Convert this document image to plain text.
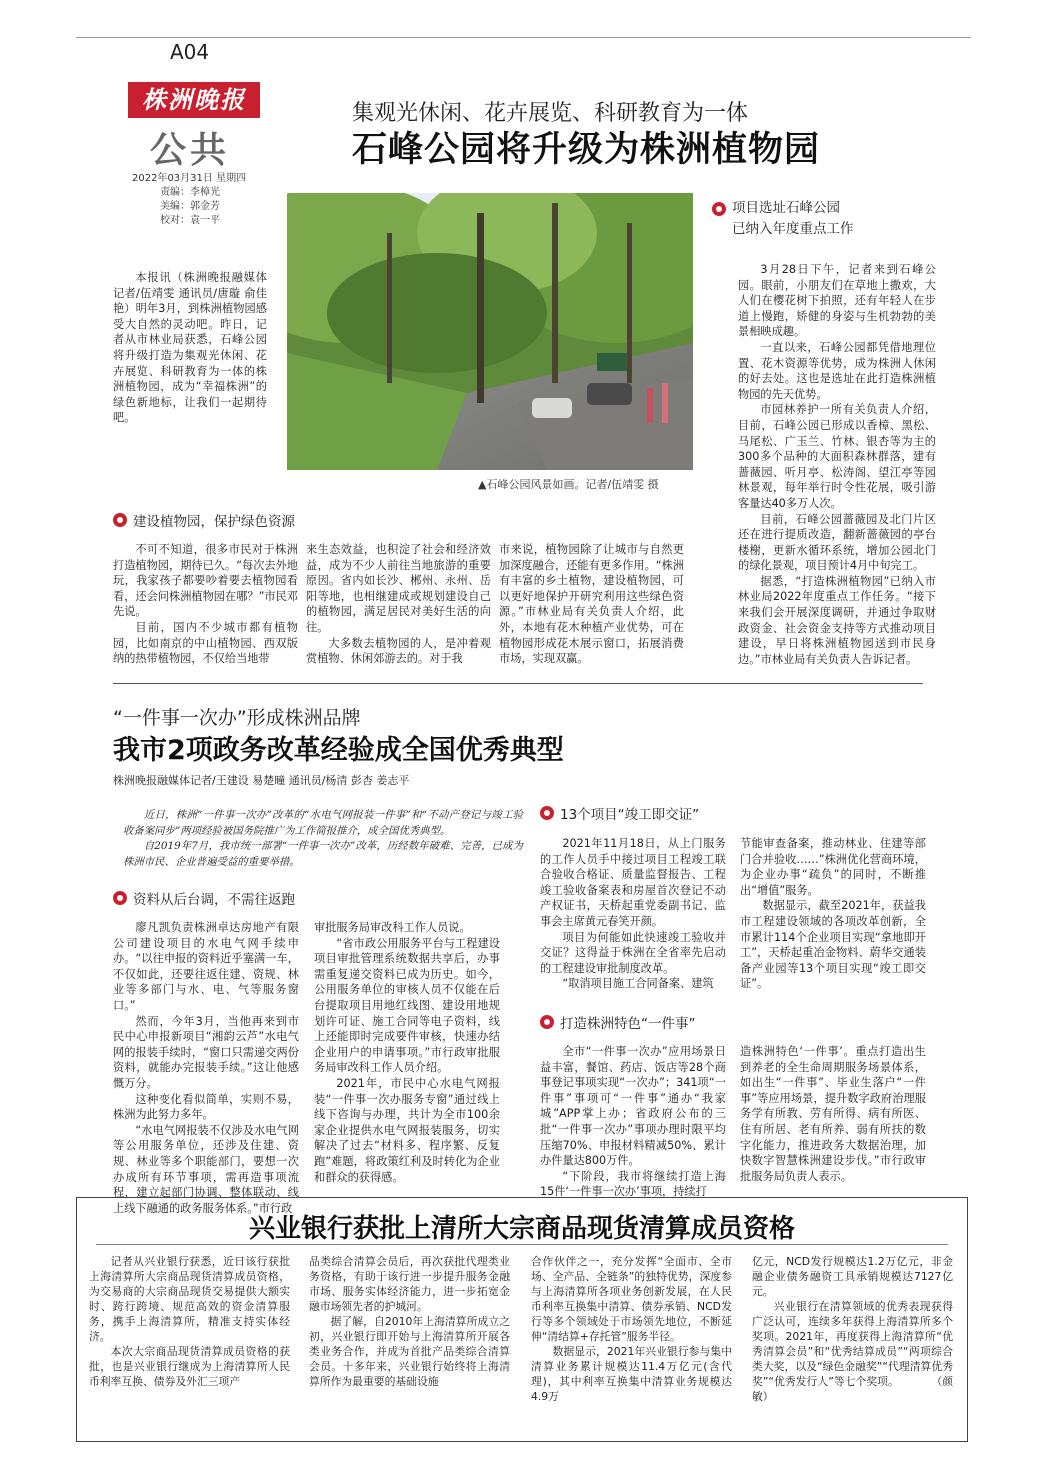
A04
株洲晚报
公共
2022年03月31日 星期四
责编：李樟光
美编：郭金芳
校对：袁一平
集观光休闲、花卉展览、科研教育为一体
石峰公园将升级为株洲植物园

本报讯（株洲晚报融媒体记者/伍靖雯 通讯员/唐璇 俞佳艳）明年3月，到株洲植物园感受大自然的灵动吧。昨日，记者从市林业局获悉，石峰公园将升级打造为集观光休闲、花卉展览、科研教育为一体的株洲植物园，成为“幸福株洲”的绿色新地标，让我们一起期待吧。

▲石峰公园风景如画。记者/伍靖雯 摄
项目选址石峰公园
已纳入年度重点工作

3月28日下午，记者来到石峰公园。眼前，小朋友们在草地上撒欢，大人们在樱花树下拍照，还有年轻人在步道上慢跑，矫健的身姿与生机勃勃的美景相映成趣。

一直以来，石峰公园都凭借地理位置、花木资源等优势，成为株洲人休闲的好去处。这也是选址在此打造株洲植物园的先天优势。

市园林养护一所有关负责人介绍，目前，石峰公园已形成以香樟、黑松、马尾松、广玉兰、竹林、银杏等为主的300多个品种的大面积森林群落，建有蔷薇园、听月亭、松涛阁、望江亭等园林景观，每年举行时令性花展，吸引游客量达40多万人次。

目前，石峰公园蔷薇园及北门片区还在进行提质改造，翻新蔷薇园的亭台楼榭，更新水循环系统，增加公园北门的绿化景观，项目预计4月中旬完工。

据悉，“打造株洲植物园”已纳入市林业局2022年度重点工作任务。“接下来我们会开展深度调研，并通过争取财政资金、社会资金支持等方式推动项目建设，早日将株洲植物园送到市民身边。”市林业局有关负责人告诉记者。

建设植物园，保护绿色资源

不可不知道，很多市民对于株洲打造植物园，期待已久。“每次去外地玩，我家孩子都要吵着要去植物园看看，还会问株洲植物园在哪？”市民邓先说。

目前，国内不少城市都有植物园，比如南京的中山植物园、西双版纳的热带植物园，不仅给当地带

来生态效益，也积淀了社会和经济效益，成为不少人前往当地旅游的重要原因。省内如长沙、郴州、永州、岳阳等地，也相继建成或规划建设自己的植物园，满足居民对美好生活的向往。

大多数去植物园的人，是冲着观赏植物、休闲郊游去的。对于我

市来说，植物园除了让城市与自然更加深度融合，还能有更多作用。“株洲有丰富的乡土植物，建设植物园，可以更好地保护开研究利用这些绿色资源。”市林业局有关负责人介绍，此外，本地有花木种植产业优势，可在植物园形成花木展示窗口，拓展消费市场，实现双赢。

“一件事一次办”形成株洲品牌
我市2项政务改革经验成全国优秀典型
株洲晚报融媒体记者/王建设 易楚曈 通讯员/杨清 彭杏 姜志平

近日，株洲“一件事一次办”改革的“水电气网报装一件事”和“不动产登记与竣工验收备案同步”两项经验被国务院推广为工作简报推介，成全国优秀典型。

自2019年7月，我市统一部署“一件事一次办”改革，历经数年破难、完善，已成为株洲市民、企业普遍受益的重要举措。

资料从后台调，不需往返跑

廖凡凯负责株洲卓达房地产有限公司建设项目的水电气网手续申办。“以往申报的资料近乎塞满一车，不仅如此，还要往返住建、资规、林业等多部门与水、电、气等服务窗口。”

然而，今年3月，当他再来到市民中心申报新项目“湘韵云芦”水电气网的报装手续时，“窗口只需递交两份资料，就能办完报装手续。”这让他感慨万分。

这种变化看似简单，实则不易，株洲为此努力多年。

“水电气网报装不仅涉及水电气网等公用服务单位，还涉及住建、资规、林业等多个职能部门，要想一次办成所有环节事项，需再造事项流程，建立起部门协调、整体联动、线上线下融通的政务服务体系。”市行政

审批服务局审改科工作人员说。

“省市政公用服务平台与工程建设项目审批管理系统数据共享后，办事需重复递交资料已成为历史。如今，公用服务单位的审核人员不仅能在后台提取项目用地红线图、建设用地规划许可证、施工合同等电子资料，线上还能即时完成要件审核，快速办结企业用户的申请事项。”市行政审批服务局审改科工作人员介绍。

2021年，市民中心水电气网报装“一件事一次办服务专窗”通过线上线下咨询与办理，共计为全市100余家企业提供水电气网报装服务，切实解决了过去“材料多、程序繁、反复跑”难题，将政策红利及时转化为企业和群众的获得感。

13个项目“竣工即交证”

2021年11月18日，从上门服务的工作人员手中接过项目工程竣工联合验收合格证、质量监督报告、工程竣工验收备案表和房屋首次登记不动产权证书，天桥起重党委副书记、监事会主席黄元春笑开颜。

项目为何能如此快速竣工验收并交证？这得益于株洲在全省率先启动的工程建设审批制度改革。

“取消项目施工合同备案、建筑

节能审查备案，推动林业、住建等部门合并验收……”株洲优化营商环境，为企业办事“疏负”的同时，不断推出“增值”服务。

数据显示，截至2021年，获益我市工程建设领域的各项改革创新，全市累计114个企业项目实现“拿地即开工”，天桥起重冶金物料、蔚华交通装备产业园等13个项目实现“竣工即交证”。

打造株洲特色“一件事”

全市“一件事一次办”应用场景日益丰富，餐馆、药店、饭店等28个商事登记事项实现“一次办”；341项“一件事”事项可“一件事”通办“我家城”APP掌上办；省政府公布的三批“一件事一次办”事项办理时限平均压缩70%、申报材料精减50%、累计办件量达800万件。

“下阶段，我市将继续打造上海15件‘一件事一次办’事项，持续打

造株洲特色‘一件事’。重点打造出生到养老的全生命周期服务场景体系，如出生“一件事”、毕业生落户“一件事”等应用场景，提升数字政府治理服务学有所教、劳有所得、病有所医、住有所居、老有所养、弱有所扶的数字化能力，推进政务大数据治理，加快数字智慧株洲建设步伐。”市行政审批服务局负责人表示。

兴业银行获批上清所大宗商品现货清算成员资格

记者从兴业银行获悉，近日该行获批上海清算所大宗商品现货清算成员资格，为交易商的大宗商品现货交易提供大额实时、跨行跨境、规范高效的资金清算服务，携手上海清算所，精准支持实体经济。

本次大宗商品现货清算成员资格的获批，也是兴业银行继成为上海清算所人民币利率互换、债券及外汇三项产

品类综合清算会员后，再次获批代理类业务资格，有助于该行进一步提升服务金融市场、服务实体经济能力，进一步拓宽金融市场领先者的护城河。

据了解，自2010年上海清算所成立之初，兴业银行即开始与上海清算所开展各类业务合作，并成为首批产品类综合清算会员。十多年来，兴业银行始终将上海清算所作为最重要的基础设施

合作伙伴之一，充分发挥“全面市、全市场、全产品、全链条”的独特优势，深度参与上海清算所各项业务创新发展，在人民币利率互换集中清算、债券承销、NCD发行等多个领域处于市场领先地位，不断延伸“清结算+存托管”服务半径。

数据显示，2021年兴业银行参与集中清算业务累计规模达11.4万亿元(含代理)，其中利率互换集中清算业务规模达4.9万

亿元，NCD发行规模达1.2万亿元，非金融企业债务融资工具承销规模达7127亿元。

兴业银行在清算领域的优秀表现获得广泛认可，连续多年获得上海清算所多个奖项。2021年，再度获得上海清算所“优秀清算会员”和“优秀结算成员”“两项综合类大奖，以及“绿色金融奖”“代理清算优秀奖”“优秀发行人”等七个奖项。　　　　（颜敏）
